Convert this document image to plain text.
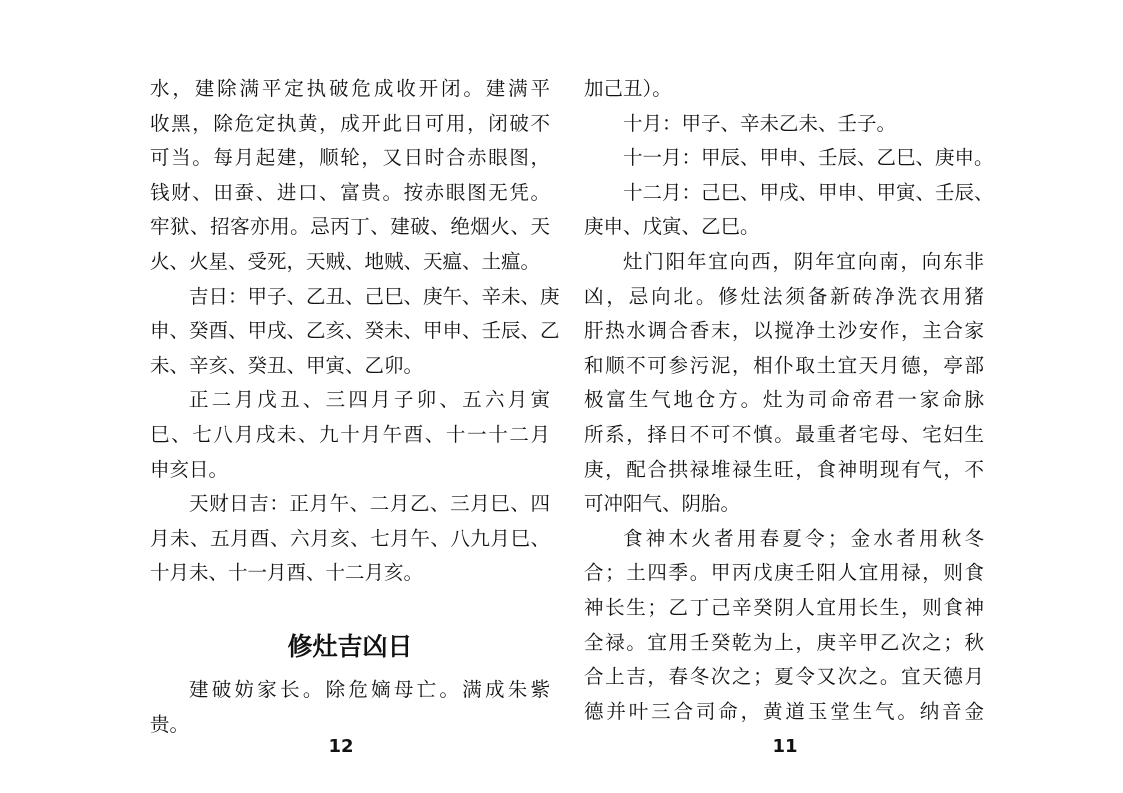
水，建除满平定执破危成收开闭。建满平
收黑，除危定执黄，成开此日可用，闭破不
可当。每月起建，顺轮，又日时合赤眼图，
钱财、田蚕、进口、富贵。按赤眼图无凭。
牢狱、招客亦用。忌丙丁、建破、绝烟火、天
火、火星、受死，天贼、地贼、天瘟、土瘟。
吉日：甲子、乙丑、己巳、庚午、辛未、庚
申、癸酉、甲戌、乙亥、癸未、甲申、壬辰、乙
未、辛亥、癸丑、甲寅、乙卯。
正二月戊丑、三四月子卯、五六月寅
巳、七八月戌未、九十月午酉、十一十二月
申亥日。
天财日吉：正月午、二月乙、三月巳、四
月未、五月酉、六月亥、七月午、八九月巳、
十月未、十一月酉、十二月亥。
修灶吉凶日
建破妨家长。除危嫡母亡。满成朱紫
贵。
加己丑）。
十月：甲子、辛未乙未、壬子。
十一月：甲辰、甲申、壬辰、乙巳、庚申。
十二月：己巳、甲戌、甲申、甲寅、壬辰、
庚申、戊寅、乙巳。
灶门阳年宜向西，阴年宜向南，向东非
凶，忌向北。修灶法须备新砖净洗衣用猪
肝热水调合香末，以搅净土沙安作，主合家
和顺不可参污泥，相仆取土宜天月德，亭部
极富生气地仓方。灶为司命帝君一家命脉
所系，择日不可不慎。最重者宅母、宅妇生
庚，配合拱禄堆禄生旺，食神明现有气，不
可冲阳气、阴胎。
食神木火者用春夏令；金水者用秋冬
合；土四季。甲丙戊庚壬阳人宜用禄，则食
神长生；乙丁己辛癸阴人宜用长生，则食神
全禄。宜用壬癸乾为上，庚辛甲乙次之；秋
合上吉，春冬次之；夏令又次之。宜天德月
德并叶三合司命，黄道玉堂生气。纳音金
12	11
